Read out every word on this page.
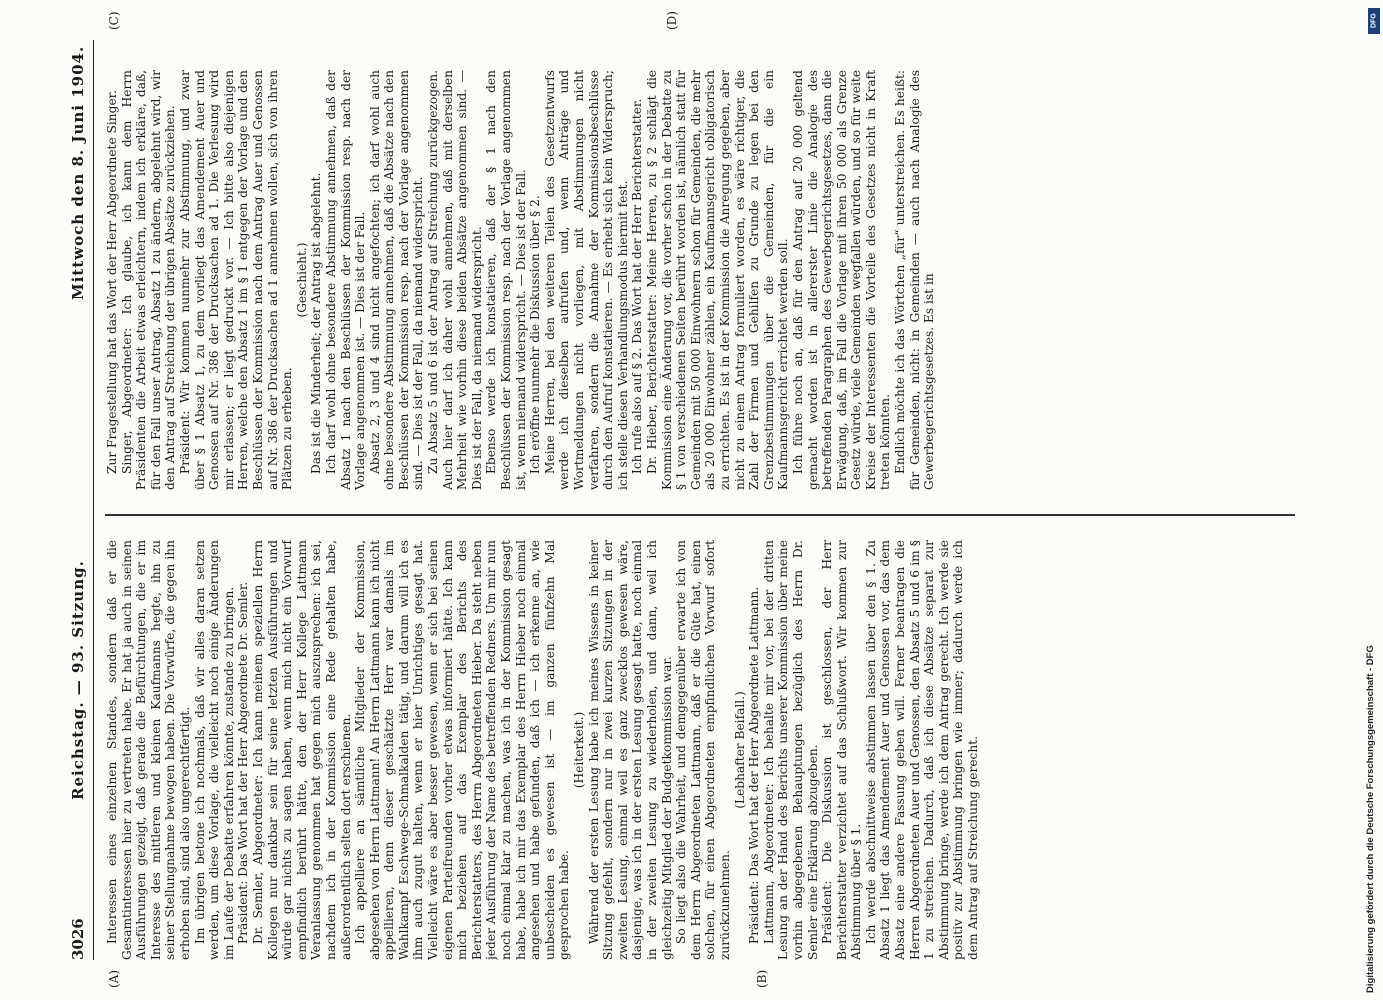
3026
Reichstag. — 93. Sitzung.
Mittwoch den 8. Juni 1904.
(A)	(B)
(C)	(D)

Interessen eines einzelnen Standes, sondern daß er die Gesamtinteressen hier zu vertreten habe. Er hat ja auch in seinen Ausführungen gezeigt, daß gerade die Befürchtungen, die er im Interesse des mittleren und kleinen Kaufmanns hegte, ihn zu seiner Stellungnahme bewogen haben. Die Vorwürfe, die gegen ihn erhoben sind, sind also ungerechtfertigt. Im übrigen betone ich nochmals, daß wir alles daran setzen werden, um diese Vorlage, die vielleicht noch einige Änderungen im Laufe der Debatte erfahren könnte, zustande zu bringen. Präsident: Das Wort hat der Herr Abgeordnete Dr. Semler. Dr. Semler, Abgeordneter: Ich kann meinem speziellen Herrn Kollegen nur dankbar sein für seine letzten Ausführungen und würde gar nichts zu sagen haben, wenn mich nicht ein Vorwurf empfindlich berührt hätte, den der Herr Kollege Lattmann Veranlassung genommen hat gegen mich auszusprechen: ich sei, nachdem ich in der Kommission eine Rede gehalten habe, außerordentlich selten dort erschienen. Ich appelliere an sämtliche Mitglieder der Kommission, abgesehen von Herrn Lattmann! An Herrn Lattmann kann ich nicht appellieren, denn dieser geschätzte Herr war damals im Wahlkampf Eschwege-Schmalkalden tätig, und darum will ich es ihm auch zugut halten, wenn er hier Unrichtiges gesagt hat. Vielleicht wäre es aber besser gewesen, wenn er sich bei seinen eigenen Parteifreunden vorher etwas informiert hätte. Ich kann mich beziehen auf das Exemplar des Berichts des Berichterstatters, des Herrn Abgeordneten Hieber. Da steht neben jeder Ausführung der Name des betreffenden Redners. Um mir nun noch einmal klar zu machen, was ich in der Kommission gesagt habe, habe ich mir das Exemplar des Herrn Hieber noch einmal angesehen und habe gefunden, daß ich — ich erkenne an, wie unbescheiden es gewesen ist — im ganzen fünfzehn Mal gesprochen habe.

(Heiterkeit.) Während der ersten Lesung habe ich meines Wissens in keiner Sitzung gefehlt, sondern nur in zwei kurzen Sitzungen in der zweiten Lesung, einmal weil es ganz zwecklos gewesen wäre, dasjenige, was ich in der ersten Lesung gesagt hatte, noch einmal in der zweiten Lesung zu wiederholen, und dann, weil ich gleichzeitig Mitglied der Budgetkommission war. So liegt also die Wahrheit, und demgegenüber erwarte ich von dem Herrn Abgeordneten Lattmann, daß er die Güte hat, einen solchen, für einen Abgeordneten empfindlichen Vorwurf sofort zurückzunehmen.

(Lebhafter Beifall.) Präsident: Das Wort hat der Herr Abgeordnete Lattmann. Lattmann, Abgeordneter: Ich behalte mir vor, bei der dritten Lesung an der Hand des Berichts unserer Kommission über meine vorhin abgegebenen Behauptungen bezüglich des Herrn Dr. Semler eine Erklärung abzugeben. Präsident: Die Diskussion ist geschlossen, der Herr Berichterstatter verzichtet auf das Schlußwort. Wir kommen zur Abstimmung über § 1. Ich werde abschnittweise abstimmen lassen über den § 1. Zu Absatz 1 liegt das Amendement Auer und Genossen vor, das dem Absatz eine andere Fassung geben will. Ferner beantragen die Herren Abgeordneten Auer und Genossen, den Absatz 5 und 6 im § 1 zu streichen. Dadurch, daß ich diese Absätze separat zur Abstimmung bringe, werde ich dem Antrag gerecht. Ich werde sie positiv zur Abstimmung bringen wie immer; dadurch werde ich dem Antrag auf Streichung gerecht.

Zur Fragestellung hat das Wort der Herr Abgeordnete Singer. Singer, Abgeordneter: Ich glaube, ich kann dem Herrn Präsidenten die Arbeit etwas erleichtern, indem ich erkläre, daß, für den Fall unser Antrag, Absatz 1 zu ändern, abgelehnt wird, wir den Antrag auf Streichung der übrigen Absätze zurückziehen. Präsident: Wir kommen nunmehr zur Abstimmung, und zwar über § 1 Absatz 1, zu dem vorliegt das Amendement Auer und Genossen auf Nr. 386 der Drucksachen ad 1. Die Verlesung wird mir erlassen; er liegt gedruckt vor. — Ich bitte also diejenigen Herren, welche den Absatz 1 im § 1 entgegen der Vorlage und den Beschlüssen der Kommission nach dem Antrag Auer und Genossen auf Nr. 386 der Drucksachen ad 1 annehmen wollen, sich von ihren Plätzen zu erheben.

(Geschieht.) Das ist die Minderheit; der Antrag ist abgelehnt. Ich darf wohl ohne besondere Abstimmung annehmen, daß der Absatz 1 nach den Beschlüssen der Kommission resp. nach der Vorlage angenommen ist. — Dies ist der Fall. Absatz 2, 3 und 4 sind nicht angefochten; ich darf wohl auch ohne besondere Abstimmung annehmen, daß die Absätze nach den Beschlüssen der Kommission resp. nach der Vorlage angenommen sind. — Dies ist der Fall, da niemand widerspricht. Zu Absatz 5 und 6 ist der Antrag auf Streichung zurückgezogen. Auch hier darf ich daher wohl annehmen, daß mit derselben Mehrheit wie vorhin diese beiden Absätze angenommen sind. — Dies ist der Fall, da niemand widerspricht. Ebenso werde ich konstatieren, daß der § 1 nach den Beschlüssen der Kommission resp. nach der Vorlage angenommen ist, wenn niemand widerspricht. — Dies ist der Fall. Ich eröffne nunmehr die Diskussion über § 2. Meine Herren, bei den weiteren Teilen des Gesetzentwurfs werde ich dieselben aufrufen und, wenn Anträge und Wortmeldungen nicht vorliegen, mit Abstimmungen nicht verfahren, sondern die Annahme der Kommissionsbeschlüsse durch den Aufruf konstatieren. — Es erhebt sich kein Widerspruch; ich stelle diesen Verhandlungsmodus hiermit fest. Ich rufe also auf § 2. Das Wort hat der Herr Berichterstatter. Dr. Hieber, Berichterstatter: Meine Herren, zu § 2 schlägt die Kommission eine Änderung vor, die vorher schon in der Debatte zu § 1 von verschiedenen Seiten berührt worden ist, nämlich statt für Gemeinden mit 50 000 Einwohnern schon für Gemeinden, die mehr als 20 000 Einwohner zählen, ein Kaufmannsgericht obligatorisch zu errichten. Es ist in der Kommission die Anregung gegeben, aber nicht zu einem Antrag formuliert worden, es wäre richtiger, die Zahl der Firmen und Gehilfen zu Grunde zu legen bei den Grenzbestimmungen über die Gemeinden, für die ein Kaufmannsgericht errichtet werden soll. Ich führe noch an, daß für den Antrag auf 20 000 geltend gemacht worden ist in allererster Linie die Analogie des betreffenden Paragraphen des Gewerbegerichtsgesetzes, dann die Erwägung, daß, im Fall die Vorlage mit ihren 50 000 als Grenze Gesetz würde, viele Gemeinden wegfallen würden, und so für weite Kreise der Interessenten die Vorteile des Gesetzes nicht in Kraft treten könnten. Endlich möchte ich das Wörtchen „für“ unterstreichen. Es heißt: für Gemeinden, nicht: in Gemeinden — auch nach Analogie des Gewerbegerichtsgesetzes. Es ist in

DFG
Digitalisierung gefördert durch die Deutsche Forschungsgemeinschaft - DFG
